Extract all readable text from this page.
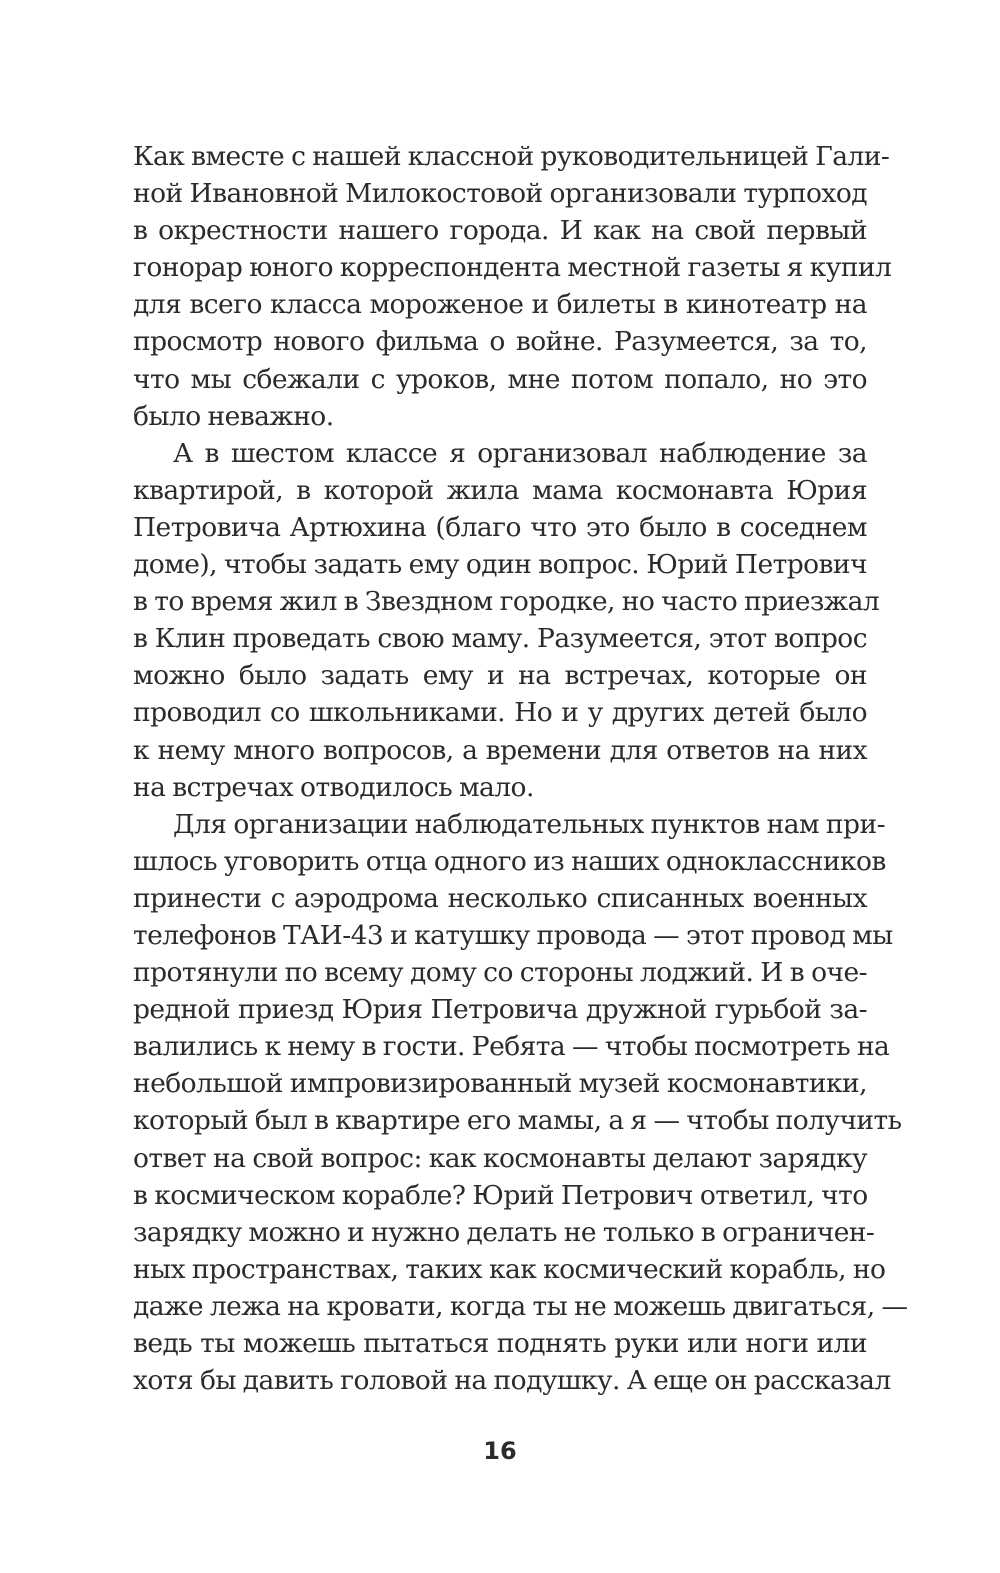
Как вместе с нашей классной руководительницей Гали-
ной Ивановной Милокостовой организовали турпоход
в окрестности нашего города. И как на свой первый
гонорар юного корреспондента местной газеты я купил
для всего класса мороженое и билеты в кинотеатр на
просмотр нового фильма о войне. Разумеется, за то,
что мы сбежали с уроков, мне потом попало, но это
было неважно.
А в шестом классе я организовал наблюдение за
квартирой, в которой жила мама космонавта Юрия
Петровича Артюхина (благо что это было в соседнем
доме), чтобы задать ему один вопрос. Юрий Петрович
в то время жил в Звездном городке, но часто приезжал
в Клин проведать свою маму. Разумеется, этот вопрос
можно было задать ему и на встречах, которые он
проводил со школьниками. Но и у других детей было
к нему много вопросов, а времени для ответов на них
на встречах отводилось мало.
Для организации наблюдательных пунктов нам при-
шлось уговорить отца одного из наших одноклассников
принести с аэродрома несколько списанных военных
телефонов ТАИ-43 и катушку провода — этот провод мы
протянули по всему дому со стороны лоджий. И в оче-
редной приезд Юрия Петровича дружной гурьбой за-
валились к нему в гости. Ребята — чтобы посмотреть на
небольшой импровизированный музей космонавтики,
который был в квартире его мамы, а я — чтобы получить
ответ на свой вопрос: как космонавты делают зарядку
в космическом корабле? Юрий Петрович ответил, что
зарядку можно и нужно делать не только в ограничен-
ных пространствах, таких как космический корабль, но
даже лежа на кровати, когда ты не можешь двигаться, —
ведь ты можешь пытаться поднять руки или ноги или
хотя бы давить головой на подушку. А еще он рассказал
16
